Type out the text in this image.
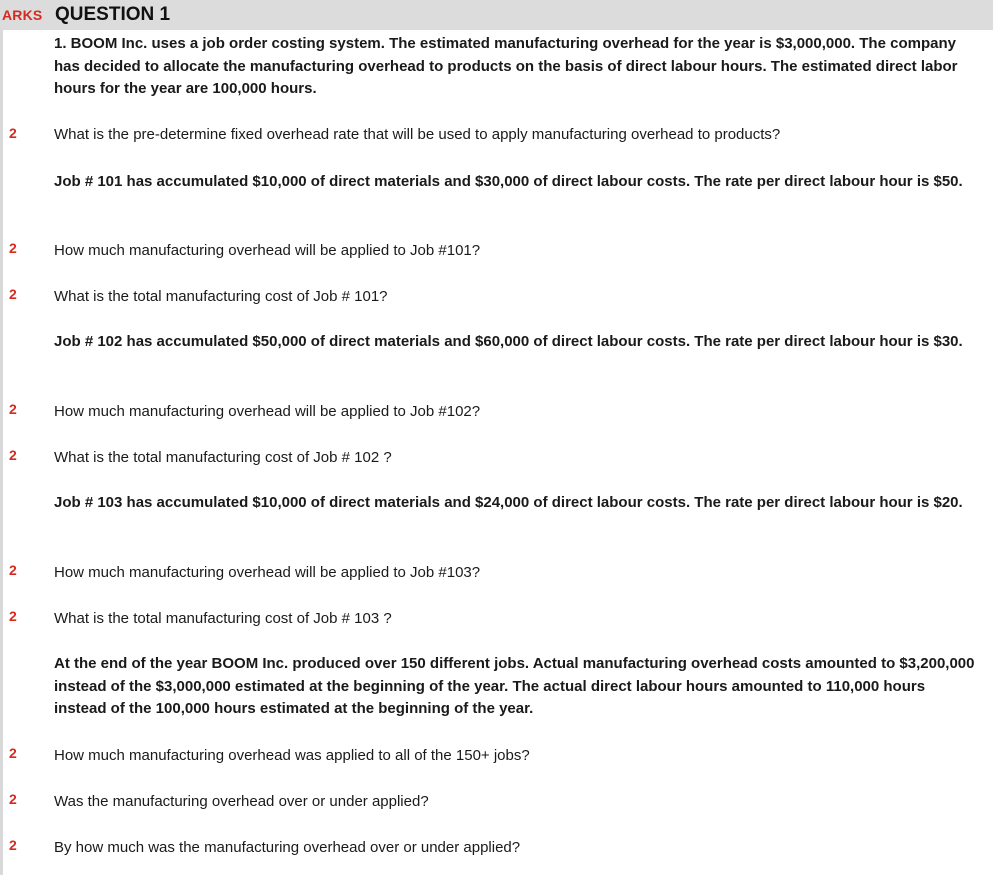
ARKS QUESTION 1
1. BOOM Inc. uses a job order costing system. The estimated manufacturing overhead for the year is $3,000,000. The company has decided to allocate the manufacturing overhead to products on the basis of direct labour hours. The estimated direct labor hours for the year are 100,000 hours.
2 What is the pre-determine fixed overhead rate that will be used to apply manufacturing overhead to products?
Job # 101 has accumulated $10,000 of direct materials and $30,000 of direct labour costs. The rate per direct labour hour is $50.
2 How much manufacturing overhead will be applied to Job #101?
2 What is the total manufacturing cost of Job # 101?
Job # 102 has accumulated $50,000 of direct materials and $60,000 of direct labour costs. The rate per direct labour hour is $30.
2 How much manufacturing overhead will be applied to Job #102?
2 What is the total manufacturing cost of Job # 102 ?
Job # 103 has accumulated $10,000 of direct materials and $24,000 of direct labour costs. The rate per direct labour hour is $20.
2 How much manufacturing overhead will be applied to Job #103?
2 What is the total manufacturing cost of Job # 103 ?
At the end of the year BOOM Inc. produced over 150 different jobs. Actual manufacturing overhead costs amounted to $3,200,000 instead of the $3,000,000 estimated at the beginning of the year. The actual direct labour hours amounted to 110,000 hours instead of the 100,000 hours estimated at the beginning of the year.
2 How much manufacturing overhead was applied to all of the 150+ jobs?
2 Was the manufacturing overhead over or under applied?
2 By how much was the manufacturing overhead over or under applied?
